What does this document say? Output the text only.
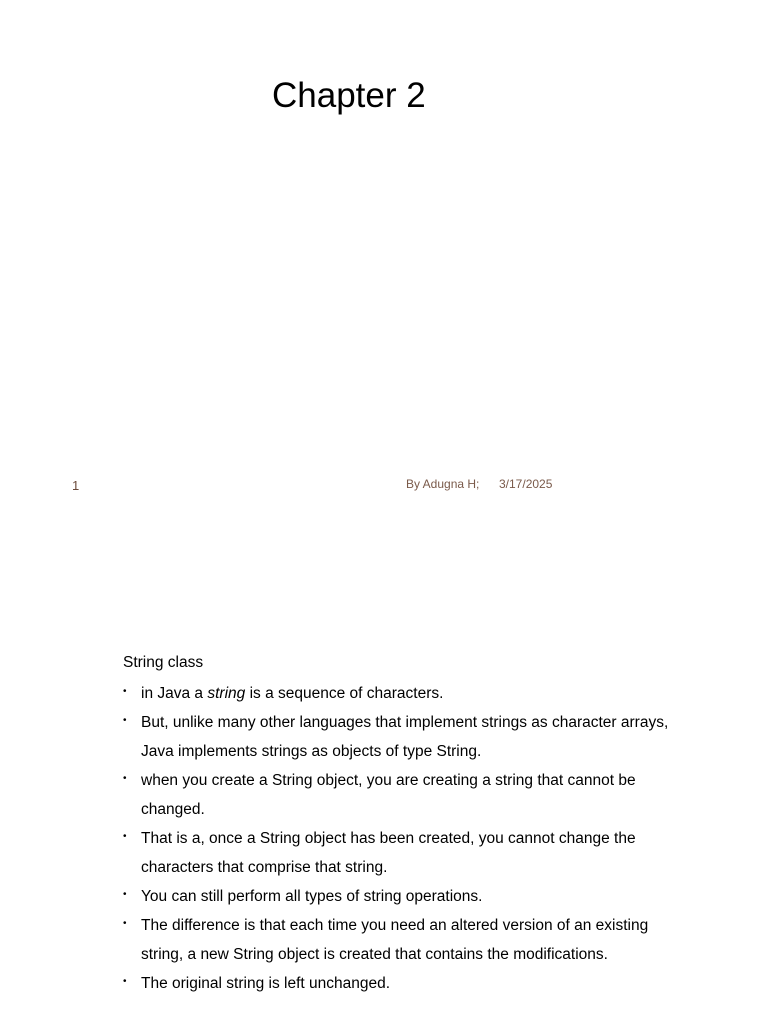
Chapter 2
1	By Adugna H; 3/17/2025
String class
• in Java a string is a sequence of characters.
• But, unlike many other languages that implement strings as character arrays, Java implements strings as objects of type String.
• when you create a String object, you are creating a string that cannot be changed.
• That is a, once a String object has been created, you cannot change the characters that comprise that string.
• You can still perform all types of string operations.
• The difference is that each time you need an altered version of an existing string, a new String object is created that contains the modifications.
• The original string is left unchanged.
